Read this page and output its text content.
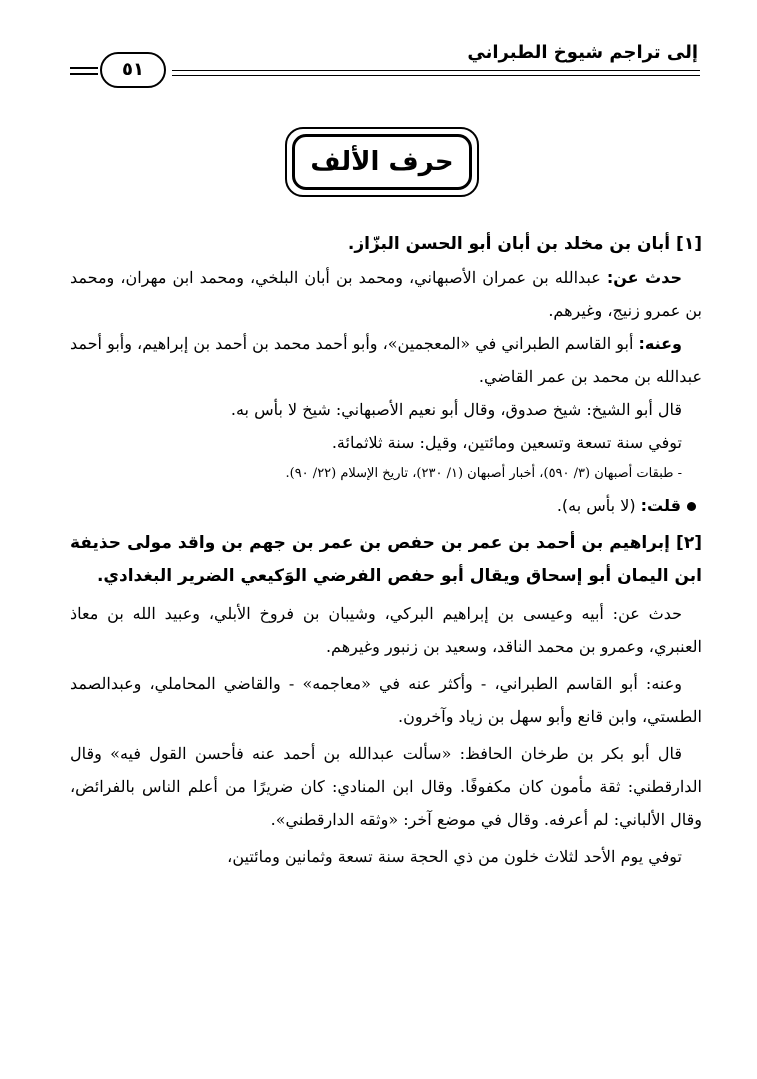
٥١
إلى تراجم شيوخ الطبراني
حرف الألف

[١] أبان بن مخلد بن أبان أبو الحسن البزّاز.

حدث عن: عبدالله بن عمران الأصبهاني، ومحمد بن أبان البلخي، ومحمد ابن مهران، ومحمد بن عمرو زنيج، وغيرهم.

وعنه: أبو القاسم الطبراني في «المعجمين»، وأبو أحمد محمد بن أحمد بن إبراهيم، وأبو أحمد عبدالله بن محمد بن عمر القاضي.

قال أبو الشيخ: شيخ صدوق، وقال أبو نعيم الأصبهاني: شيخ لا بأس به.

توفي سنة تسعة وتسعين ومائتين، وقيل: سنة ثلاثمائة.

- طبقات أصبهان (٣/ ٥٩٠)، أخبار أصبهان (١/ ٢٣٠)، تاريخ الإسلام (٢٢/ ٩٠).

قلت: (لا بأس به).

[٢] إبراهيم بن أحمد بن عمر بن حفص بن عمر بن جهم بن واقد مولى حذيفة ابن اليمان أبو إسحاق ويقال أبو حفص الفرضي الوَكيعي الضرير البغدادي.

حدث عن: أبيه وعيسى بن إبراهيم البركي، وشيبان بن فروخ الأبلي، وعبيد الله بن معاذ العنبري، وعمرو بن محمد الناقد، وسعيد بن زنبور وغيرهم.

وعنه: أبو القاسم الطبراني، - وأكثر عنه في «معاجمه» - والقاضي المحاملي، وعبدالصمد الطستي، وابن قانع وأبو سهل بن زياد وآخرون.

قال أبو بكر بن طرخان الحافظ: «سألت عبدالله بن أحمد عنه فأحسن القول فيه» وقال الدارقطني: ثقة مأمون كان مكفوفًا. وقال ابن المنادي: كان ضريرًا من أعلم الناس بالفرائض، وقال الألباني: لم أعرفه. وقال في موضع آخر: «وثقه الدارقطني».

توفي يوم الأحد لثلاث خلون من ذي الحجة سنة تسعة وثمانين ومائتين،
